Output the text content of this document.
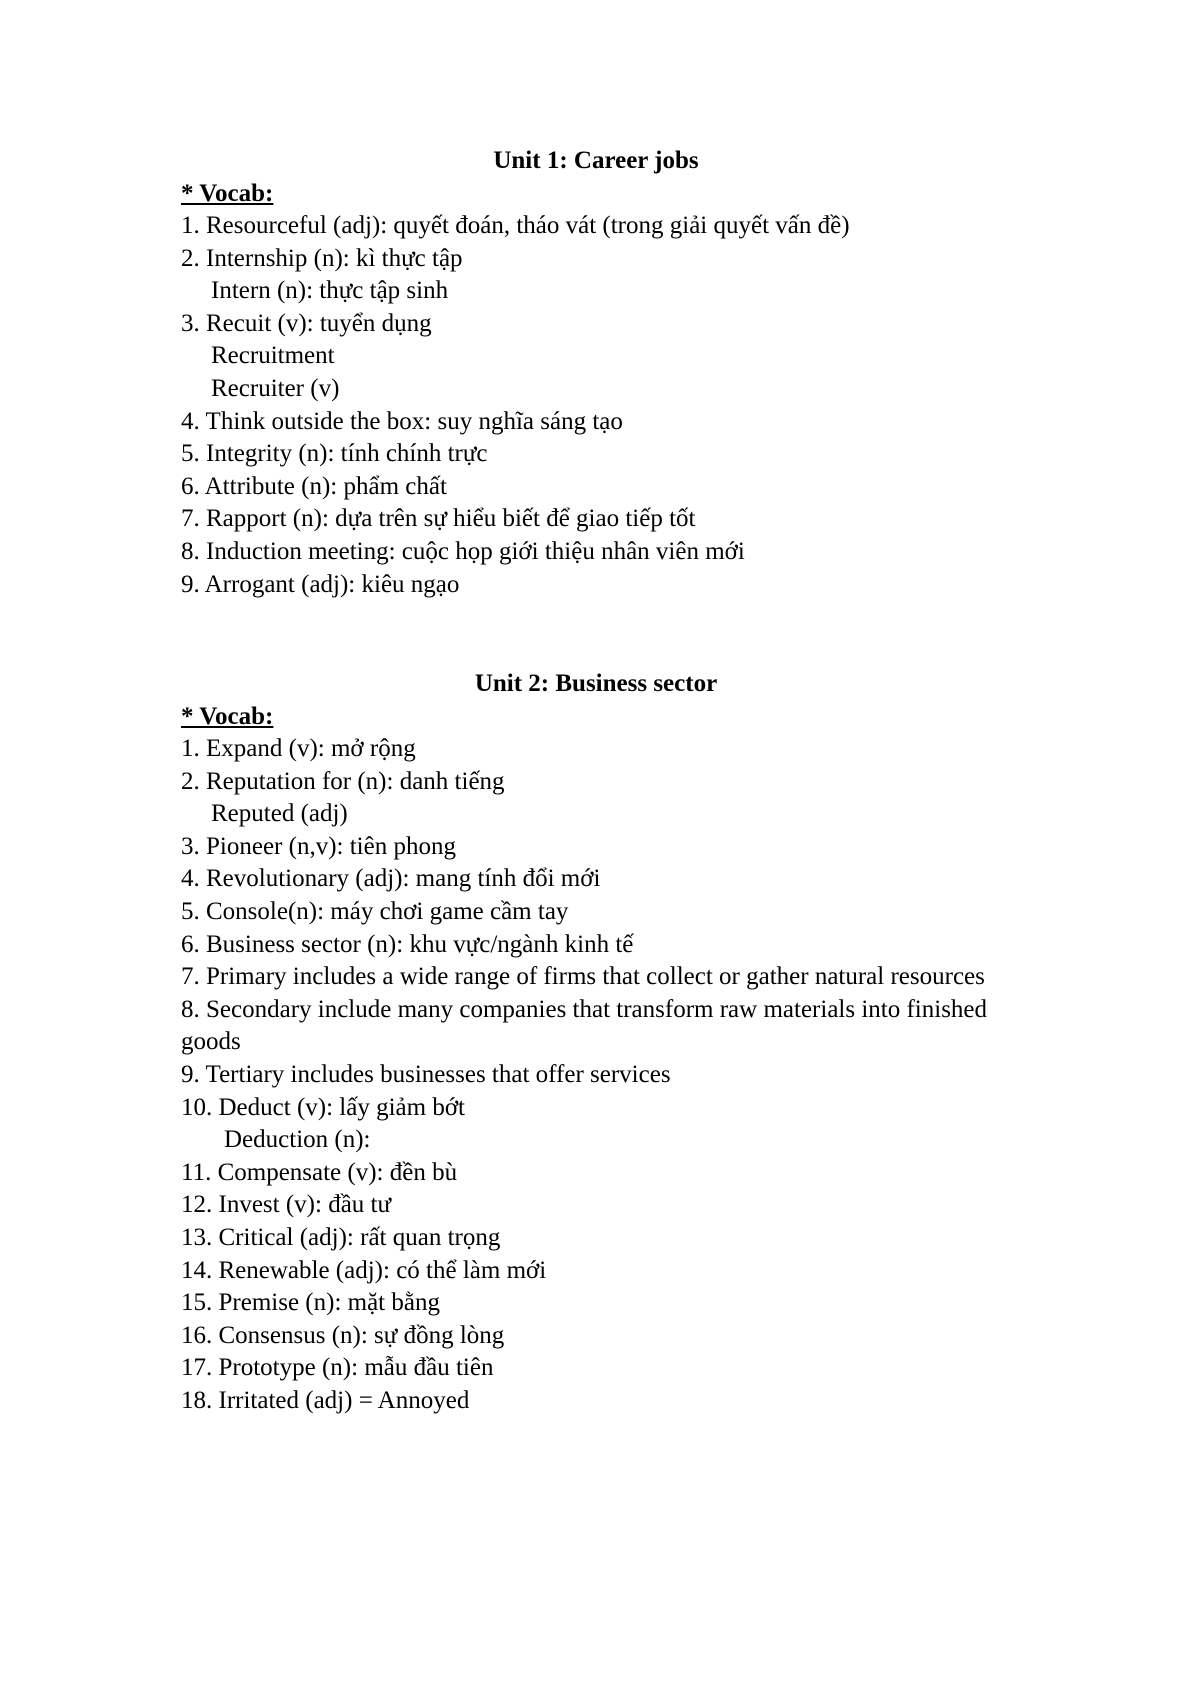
Unit 1: Career jobs
* Vocab:
1. Resourceful (adj): quyết đoán, tháo vát (trong giải quyết vấn đề)
2. Internship (n): kì thực tập
Intern (n): thực tập sinh
3. Recuit (v): tuyển dụng
Recruitment
Recruiter (v)
4. Think outside the box: suy nghĩa sáng tạo
5. Integrity (n): tính chính trực
6. Attribute (n): phẩm chất
7. Rapport (n): dựa trên sự hiểu biết để giao tiếp tốt
8. Induction meeting: cuộc họp giới thiệu nhân viên mới
9. Arrogant (adj): kiêu ngạo
Unit 2: Business sector
* Vocab:
1. Expand (v): mở rộng
2. Reputation for (n): danh tiếng
Reputed (adj)
3. Pioneer (n,v): tiên phong
4. Revolutionary (adj): mang tính đổi mới
5. Console(n): máy chơi game cầm tay
6. Business sector (n): khu vực/ngành kinh tế
7. Primary includes a wide range of firms that collect or gather natural resources
8. Secondary include many companies that transform raw materials into finished goods
9. Tertiary includes businesses that offer services
10. Deduct (v): lấy giảm bớt
Deduction (n):
11. Compensate (v): đền bù
12. Invest (v): đầu tư
13. Critical (adj): rất quan trọng
14. Renewable (adj): có thể làm mới
15. Premise (n): mặt bằng
16. Consensus (n): sự đồng lòng
17. Prototype (n): mẫu đầu tiên
18. Irritated (adj) = Annoyed
